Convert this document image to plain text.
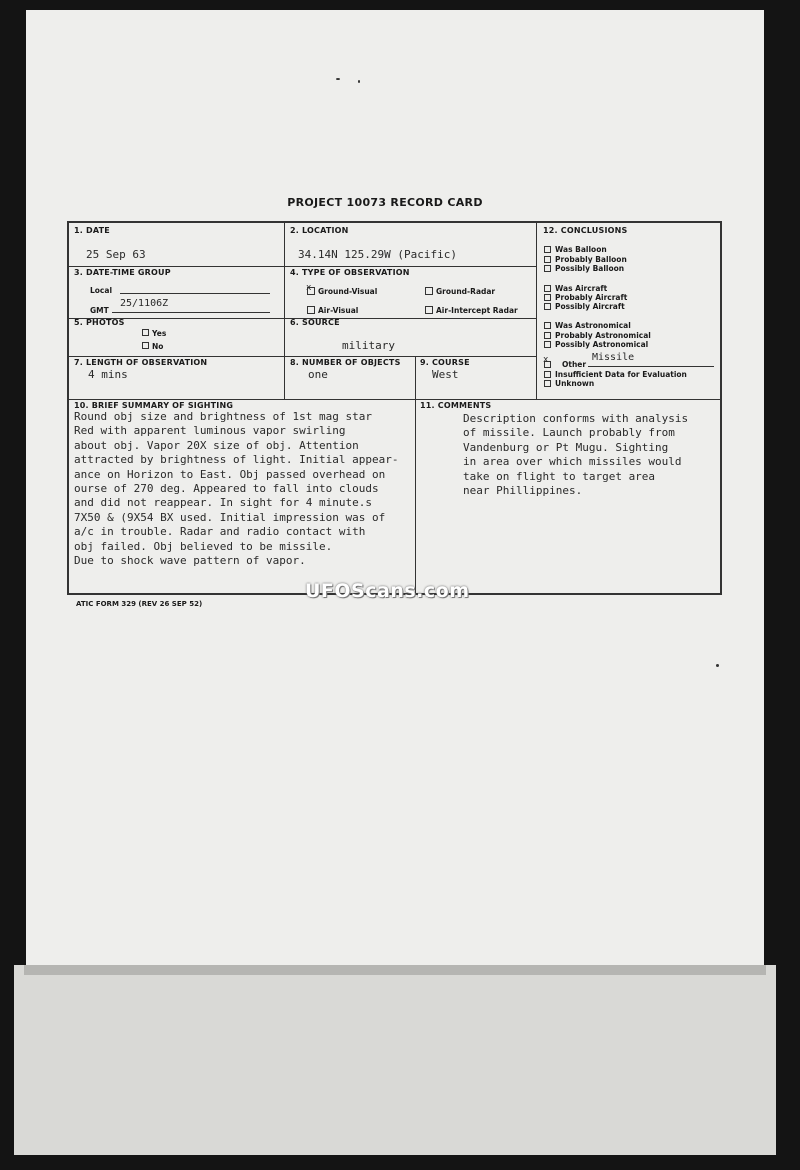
PROJECT 10073 RECORD CARD
1. DATE
25 Sep 63
2. LOCATION
34.14N 125.29W (Pacific)
3. DATE-TIME GROUP
Local
GMT
25/1106Z
4. TYPE OF OBSERVATION
x Ground-Visual	Ground-Radar
Air-Visual	Air-Intercept Radar
5. PHOTOS
Yes
No
6. SOURCE
military
7. LENGTH OF OBSERVATION
4 mins
8. NUMBER OF OBJECTS
one
9. COURSE
West
12. CONCLUSIONS
Was Balloon
Probably Balloon
Possibly Balloon
Was Aircraft
Probably Aircraft
Possibly Aircraft
Was Astronomical
Probably Astronomical
Possibly Astronomical
x Other
Missile
Insufficient Data for Evaluation
Unknown
10. BRIEF SUMMARY OF SIGHTING
Round obj size and brightness of 1st mag star
Red with apparent luminous vapor swirling
about obj. Vapor 20X size of obj. Attention
attracted by brightness of light. Initial appear-
ance on Horizon to East. Obj passed overhead on
ourse of 270 deg. Appeared to fall into clouds
and did not reappear. In sight for 4 minute.s
7X50 & (9X54 BX used. Initial impression was of
a/c in trouble. Radar and radio contact with
obj failed. Obj believed to be missile.
Due to shock wave pattern of vapor.
11. COMMENTS
Description conforms with analysis
of missile. Launch probably from
Vandenburg or Pt Mugu. Sighting
in area over which missiles would
take on flight to target area
near Phillippines.
UFOScans.com
ATIC FORM 329 (REV 26 SEP 52)
